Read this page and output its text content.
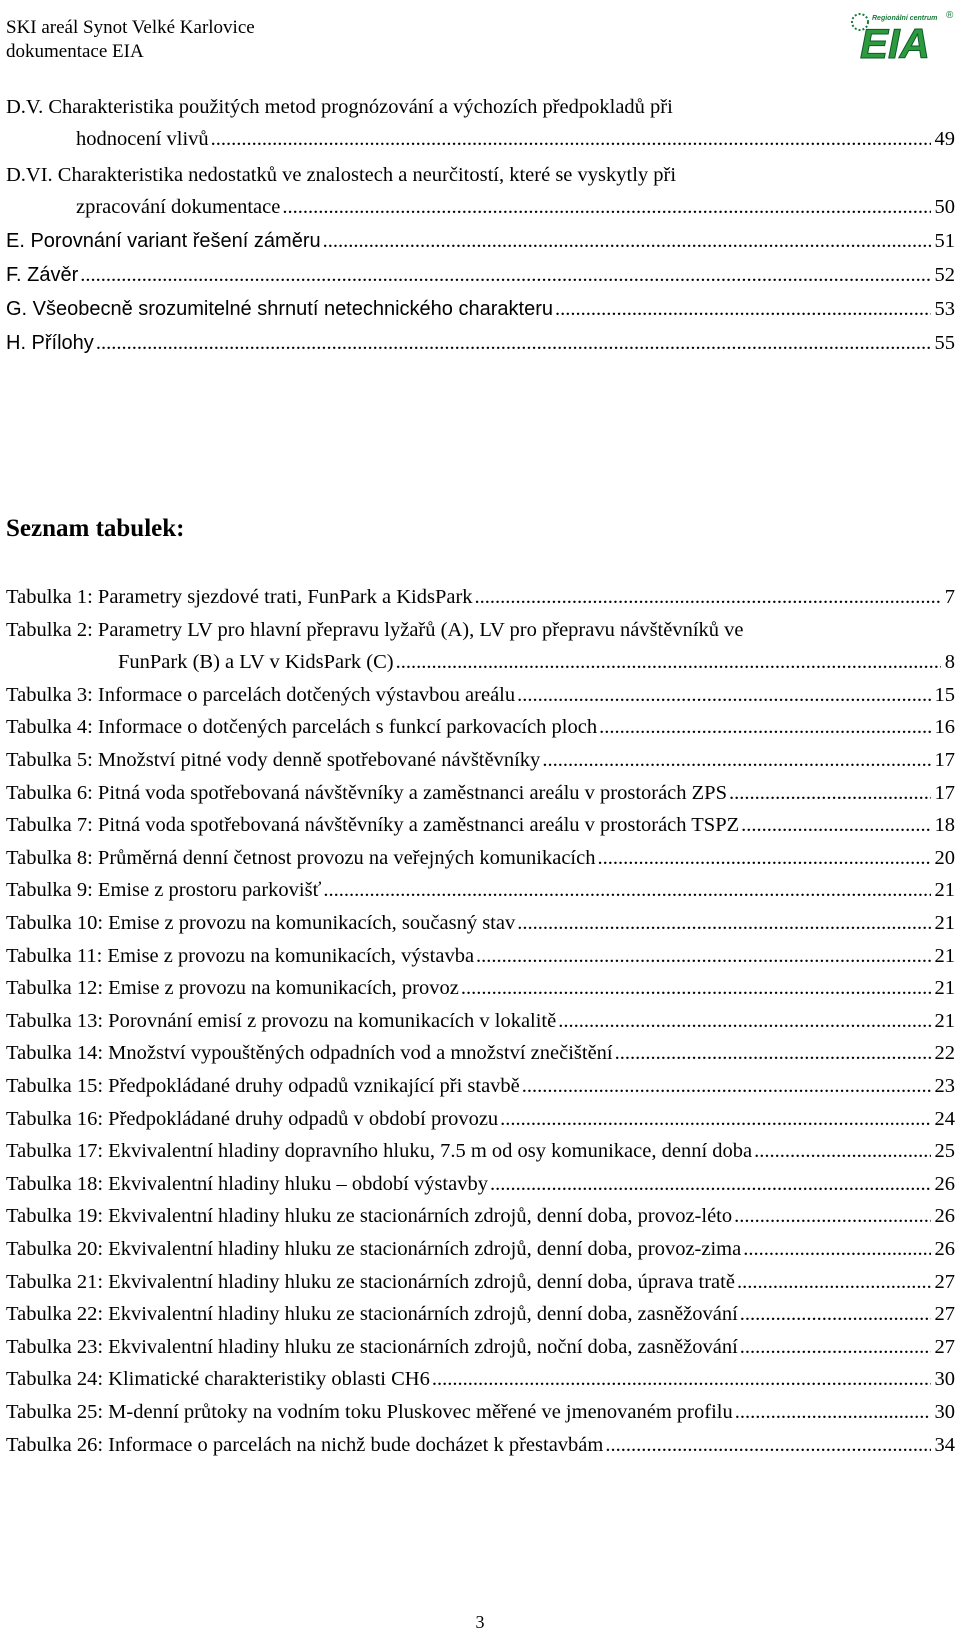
SKI areál Synot Velké Karlovice
dokumentace EIA
Regionální centrum
EIA
®
D.V. Charakteristika použitých metod prognózování a výchozích předpokladů při
hodnocení vlivů .....	49
D.VI. Charakteristika nedostatků ve znalostech a neurčitostí, které se vyskytly při
zpracování dokumentace .....	50
E. Porovnání variant řešení záměru .....	51
F. Závěr .....	52
G. Všeobecně srozumitelné shrnutí netechnického charakteru .....	53
H. Přílohy .....	55
Seznam tabulek:
Tabulka 1: Parametry sjezdové trati, FunPark a KidsPark .....	7
Tabulka 2: Parametry LV pro hlavní přepravu lyžařů (A), LV pro přepravu návštěvníků ve
FunPark (B) a LV v KidsPark (C) .....	8
Tabulka 3: Informace o parcelách dotčených výstavbou areálu .....	15
Tabulka 4: Informace o dotčených parcelách s funkcí parkovacích ploch .....	16
Tabulka 5: Množství pitné vody denně spotřebované návštěvníky .....	17
Tabulka 6: Pitná voda spotřebovaná návštěvníky a zaměstnanci areálu v prostorách ZPS .....	17
Tabulka 7: Pitná voda spotřebovaná návštěvníky a zaměstnanci areálu v prostorách TSPZ .....	18
Tabulka 8: Průměrná denní četnost provozu na veřejných komunikacích .....	20
Tabulka 9: Emise z prostoru parkovišť .....	21
Tabulka 10: Emise z provozu na komunikacích, současný stav .....	21
Tabulka 11: Emise z provozu na komunikacích, výstavba .....	21
Tabulka 12: Emise z provozu na komunikacích, provoz .....	21
Tabulka 13: Porovnání emisí z provozu na komunikacích v lokalitě .....	21
Tabulka 14: Množství vypouštěných odpadních vod a množství znečištění .....	22
Tabulka 15: Předpokládané druhy odpadů vznikající při stavbě .....	23
Tabulka 16: Předpokládané druhy odpadů v období provozu .....	24
Tabulka 17: Ekvivalentní hladiny dopravního hluku, 7.5 m od osy komunikace, denní doba .....	25
Tabulka 18: Ekvivalentní hladiny hluku – období výstavby .....	26
Tabulka 19: Ekvivalentní hladiny hluku ze stacionárních zdrojů, denní doba, provoz-léto .....	26
Tabulka 20: Ekvivalentní hladiny hluku ze stacionárních zdrojů, denní doba, provoz-zima .....	26
Tabulka 21: Ekvivalentní hladiny hluku ze stacionárních zdrojů, denní doba, úprava tratě .....	27
Tabulka 22: Ekvivalentní hladiny hluku ze stacionárních zdrojů, denní doba, zasněžování .....	27
Tabulka 23: Ekvivalentní hladiny hluku ze stacionárních zdrojů, noční doba, zasněžování .....	27
Tabulka 24: Klimatické charakteristiky oblasti CH6 .....	30
Tabulka 25: M-denní průtoky na vodním toku Pluskovec měřené ve jmenovaném profilu .....	30
Tabulka 26: Informace o parcelách na nichž bude docházet k přestavbám .....	34
3
